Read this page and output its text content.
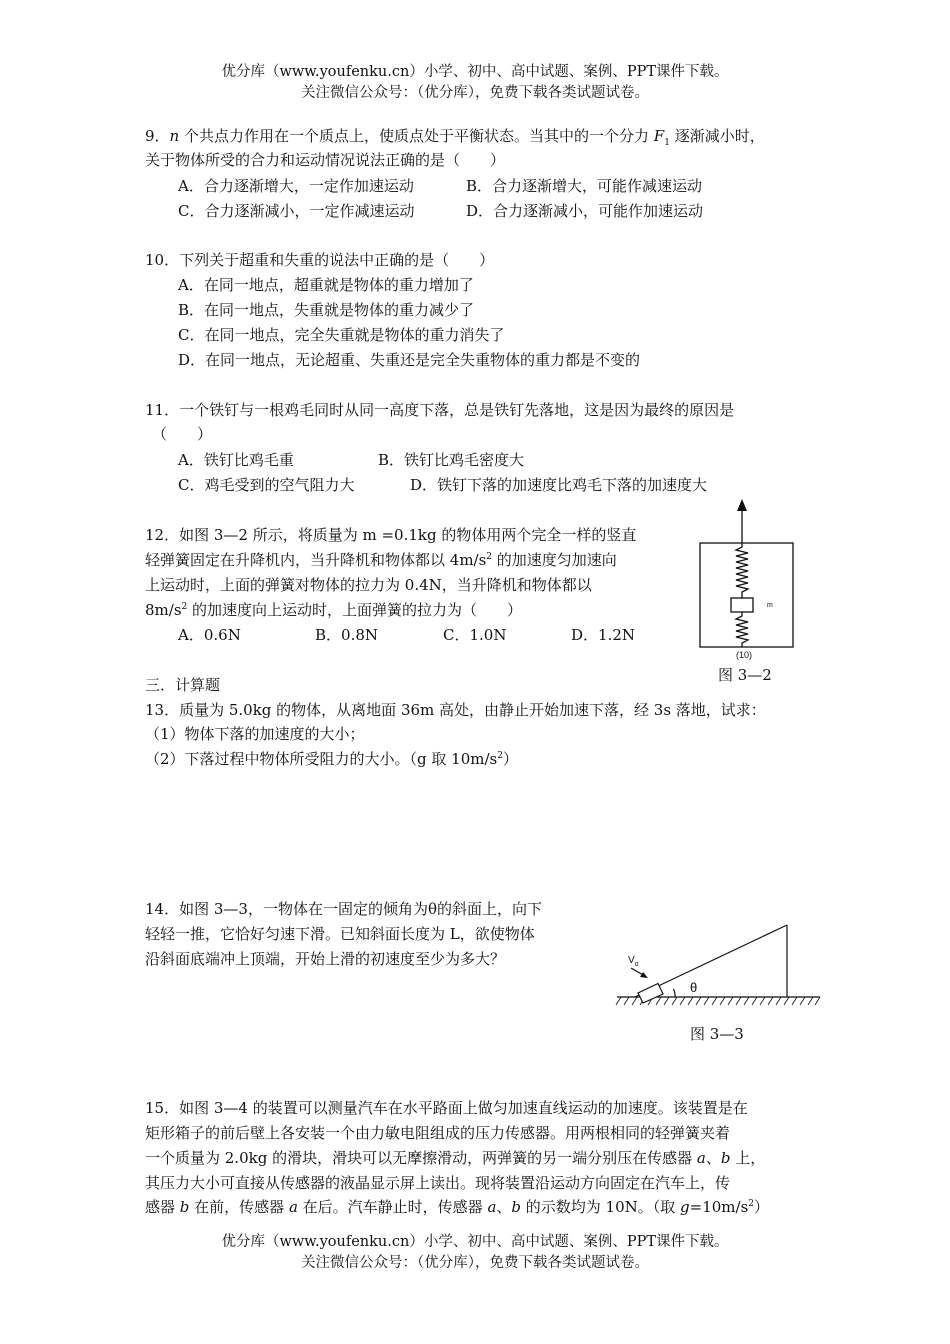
优分库（www.youfenku.cn）小学、初中、高中试题、案例、PPT课件下载。
关注微信公众号：（优分库），免费下载各类试题试卷。
9．n 个共点力作用在一个质点上，使质点处于平衡状态。当其中的一个分力 $F_1$ 逐渐减小时，
关于物体所受的合力和运动情况说法正确的是（　　）
A．合力逐渐增大，一定作加速运动	B．合力逐渐增大，可能作减速运动
C．合力逐渐减小，一定作减速运动	D．合力逐渐减小，可能作加速运动
10．下列关于超重和失重的说法中正确的是（　　）
A．在同一地点，超重就是物体的重力增加了
B．在同一地点，失重就是物体的重力减少了
C．在同一地点，完全失重就是物体的重力消失了
D．在同一地点，无论超重、失重还是完全失重物体的重力都是不变的
11．一个铁钉与一根鸡毛同时从同一高度下落，总是铁钉先落地，这是因为最终的原因是
（　　）
A．铁钉比鸡毛重	B．铁钉比鸡毛密度大
C．鸡毛受到的空气阻力大	D．铁钉下落的加速度比鸡毛下落的加速度大
12．如图 3—2 所示，将质量为 m =0.1kg 的物体用两个完全一样的竖直
轻弹簧固定在升降机内，当升降机和物体都以 $4m/s^2$ 的加速度匀加速向
上运动时，上面的弹簧对物体的拉力为 0.4N，当升降机和物体都以
$8m/s^2$ 的加速度向上运动时，上面弹簧的拉力为（　　）
A．0.6N	B．0.8N	C．1.0N	D．1.2N
m
(10)
图 3—2
三．计算题
13．质量为 5.0kg 的物体，从离地面 36m 高处，由静止开始加速下落，经 3s 落地，试求：
（1）物体下落的加速度的大小；
（2）下落过程中物体所受阻力的大小。（g 取 $10m/s^2$）
14．如图 3—3，一物体在一固定的倾角为θ的斜面上，向下
轻轻一推，它恰好匀速下滑。已知斜面长度为 L，欲使物体
沿斜面底端冲上顶端，开始上滑的初速度至少为多大？	$V_o$
θ
图 3—3
15．如图 3—4 的装置可以测量汽车在水平路面上做匀加速直线运动的加速度。该装置是在
矩形箱子的前后壁上各安装一个由力敏电阻组成的压力传感器。用两根相同的轻弹簧夹着
一个质量为 2.0kg 的滑块，滑块可以无摩擦滑动，两弹簧的另一端分别压在传感器 a、b 上，
其压力大小可直接从传感器的液晶显示屏上读出。现将装置沿运动方向固定在汽车上，传
感器 b 在前，传感器 a 在后。汽车静止时，传感器 a、b 的示数均为 10N。（取 $g=10m/s^2$）
优分库（www.youfenku.cn）小学、初中、高中试题、案例、PPT课件下载。
关注微信公众号：（优分库），免费下载各类试题试卷。
